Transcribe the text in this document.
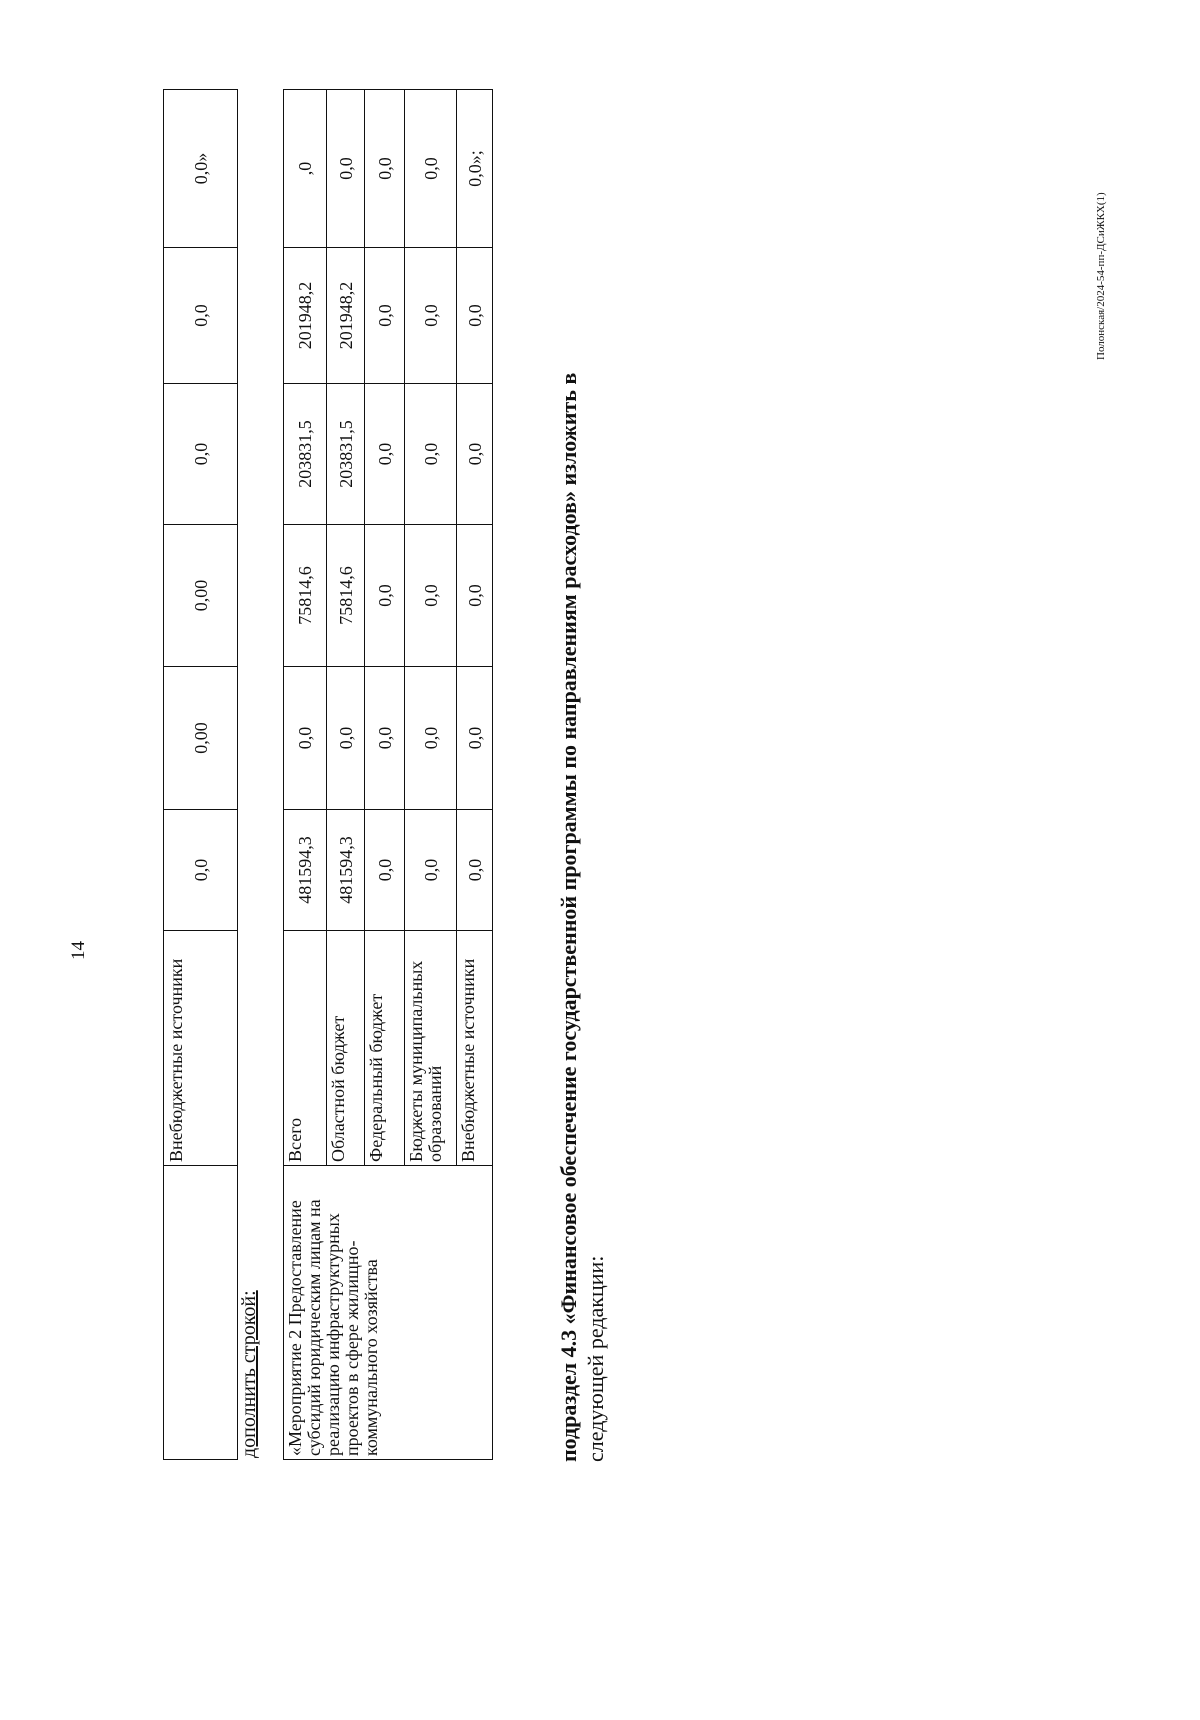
14
	Внебюджетные источники	0,0	0,00	0,00	0,0	0,0	0,0»
дополнить строкой: «Мероприятие 2 Предоставление субсидий юридическим лицам на реализацию инфраструктурных проектов в сфере жилищно-коммунального хозяйства	Всего	481594,3	0,0	75814,6	203831,5	201948,2	,0
	Областной бюджет	481594,3	0,0	75814,6	203831,5	201948,2	0,0
	Федеральный бюджет	0,0	0,0	0,0	0,0	0,0	0,0
	Бюджеты муниципальных образований	0,0	0,0	0,0	0,0	0,0	0,0
	Внебюджетные источники	0,0	0,0	0,0	0,0	0,0	0,0»;
подраздел 4.3 «Финансовое обеспечение государственной программы по направлениям расходов» изложить в
следующей редакции:
Полонская/2024-54-пп-ДСиЖКХ(1)
